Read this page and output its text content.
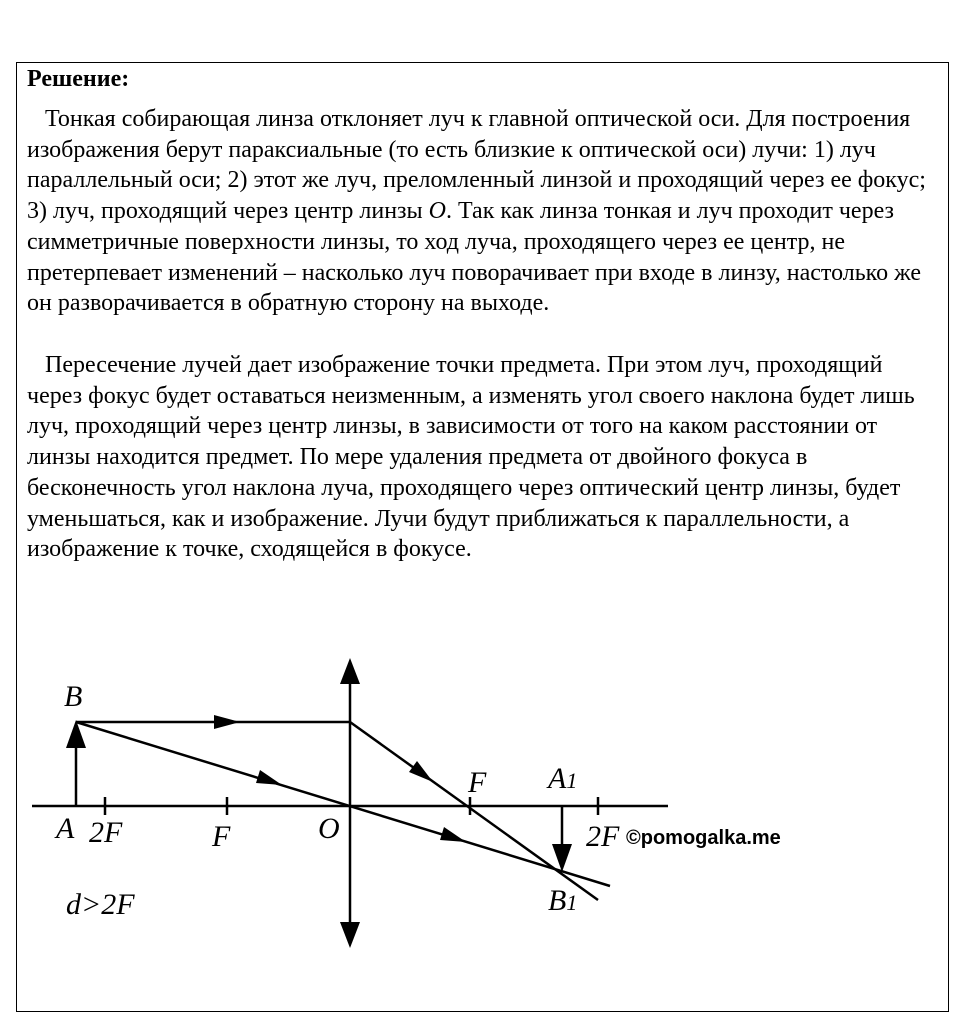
Решение:

Тонкая собирающая линза отклоняет луч к главной оптической оси. Для построения изображения берут параксиальные (то есть близкие к оптической оси) лучи: 1) луч параллельный оси; 2) этот же луч, преломленный линзой и проходящий через ее фокус; 3) луч, проходящий через центр линзы O. Так как линза тонкая и луч проходит через симметричные поверхности линзы, то ход луча, проходящего через ее центр, не претерпевает изменений – насколько луч поворачивает при входе в линзу, настолько же он разворачивается в обратную сторону на выходе.

Пересечение лучей дает изображение точки предмета. При этом луч, проходящий через фокус будет оставаться неизменным, а изменять угол своего наклона будет лишь луч, проходящий через центр линзы, в зависимости от того на каком расстоянии от линзы находится предмет. По мере удаления предмета от двойного фокуса в бесконечность угол наклона луча, проходящего через оптический центр линзы, будет уменьшаться, как и изображение. Лучи будут приближаться к параллельности, а изображение к точке, сходящейся в фокусе.

B
A 2F	F	O
F A1
2F
B1
d>2F
©pomogalka.me
